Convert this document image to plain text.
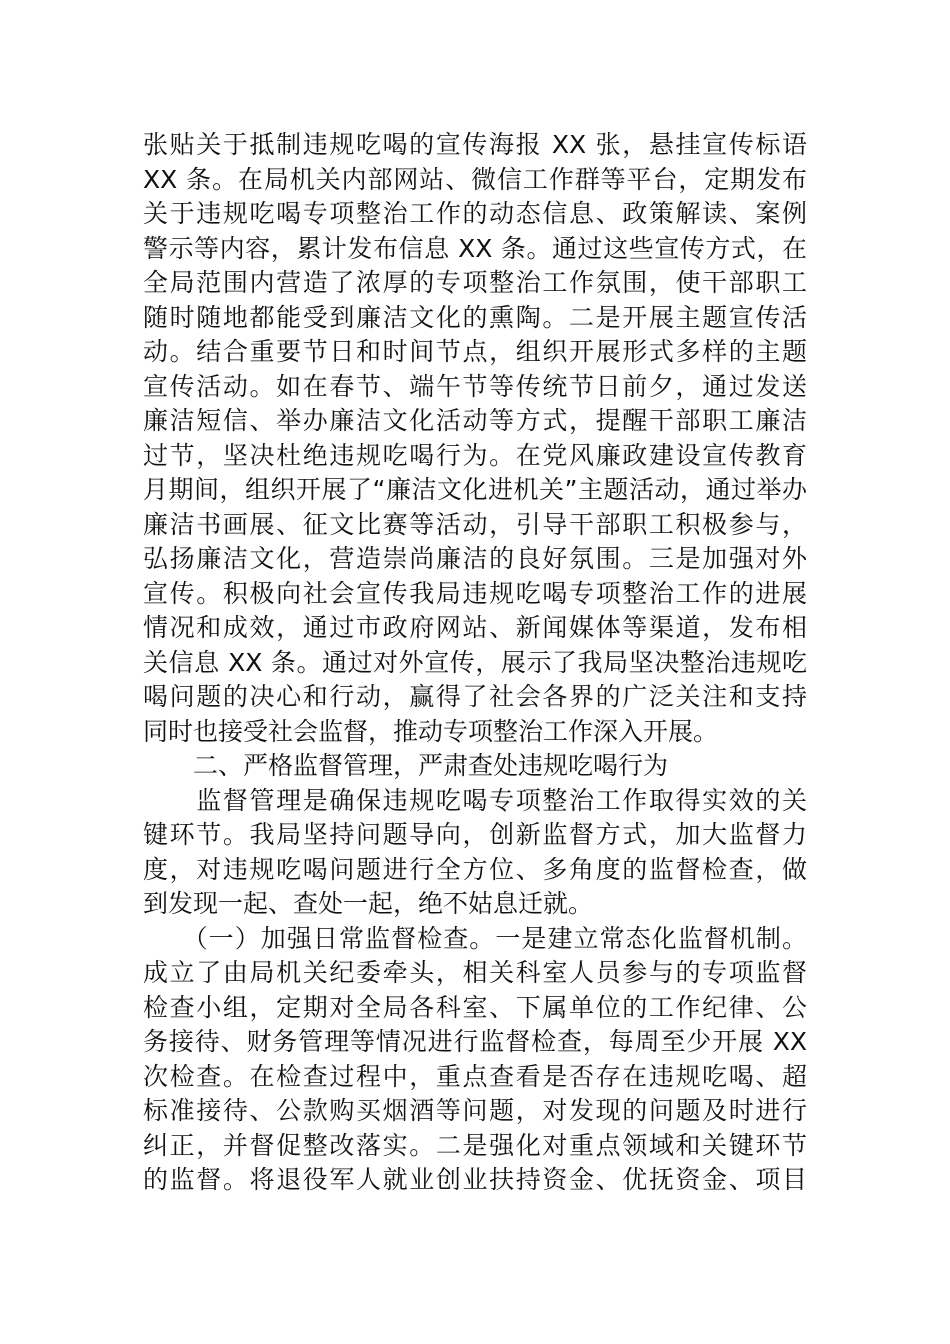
张贴关于抵制违规吃喝的宣传海报 XX 张，悬挂宣传标语
XX 条。在局机关内部网站、微信工作群等平台，定期发布
关于违规吃喝专项整治工作的动态信息、政策解读、案例
警示等内容，累计发布信息 XX 条。通过这些宣传方式，在
全局范围内营造了浓厚的专项整治工作氛围，使干部职工
随时随地都能受到廉洁文化的熏陶。二是开展主题宣传活
动。结合重要节日和时间节点，组织开展形式多样的主题
宣传活动。如在春节、端午节等传统节日前夕，通过发送
廉洁短信、举办廉洁文化活动等方式，提醒干部职工廉洁
过节，坚决杜绝违规吃喝行为。在党风廉政建设宣传教育
月期间，组织开展了“廉洁文化进机关”主题活动，通过举办
廉洁书画展、征文比赛等活动，引导干部职工积极参与，
弘扬廉洁文化，营造崇尚廉洁的良好氛围。三是加强对外
宣传。积极向社会宣传我局违规吃喝专项整治工作的进展
情况和成效，通过市政府网站、新闻媒体等渠道，发布相
关信息 XX 条。通过对外宣传，展示了我局坚决整治违规吃
喝问题的决心和行动，赢得了社会各界的广泛关注和支持
同时也接受社会监督，推动专项整治工作深入开展。
　　二、严格监督管理，严肃查处违规吃喝行为
　　监督管理是确保违规吃喝专项整治工作取得实效的关
键环节。我局坚持问题导向，创新监督方式，加大监督力
度，对违规吃喝问题进行全方位、多角度的监督检查，做
到发现一起、查处一起，绝不姑息迁就。
　　（一）加强日常监督检查。一是建立常态化监督机制。
成立了由局机关纪委牵头，相关科室人员参与的专项监督
检查小组，定期对全局各科室、下属单位的工作纪律、公
务接待、财务管理等情况进行监督检查，每周至少开展 XX
次检查。在检查过程中，重点查看是否存在违规吃喝、超
标准接待、公款购买烟酒等问题，对发现的问题及时进行
纠正，并督促整改落实。二是强化对重点领域和关键环节
的监督。将退役军人就业创业扶持资金、优抚资金、项目
